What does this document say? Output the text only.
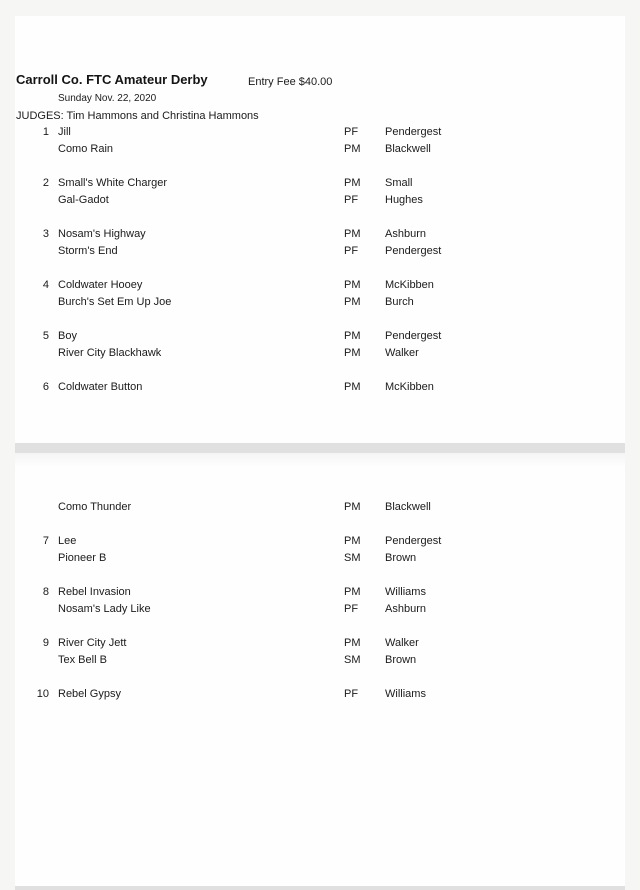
Carroll Co. FTC Amateur Derby	Entry Fee $40.00
Sunday Nov. 22, 2020
JUDGES: Tim Hammons and Christina Hammons
1 Jill	PF	Pendergest
Como Rain	PM	Blackwell
2 Small's White Charger	PM	Small
Gal-Gadot	PF	Hughes
3 Nosam's Highway	PM	Ashburn
Storm's End	PF	Pendergest
4 Coldwater Hooey	PM	McKibben
Burch's Set Em Up Joe	PM	Burch
5 Boy	PM	Pendergest
River City Blackhawk	PM	Walker
6 Coldwater Button	PM	McKibben
Como Thunder	PM	Blackwell
7 Lee	PM	Pendergest
Pioneer B	SM	Brown
8 Rebel Invasion	PM	Williams
Nosam's Lady Like	PF	Ashburn
9 River City Jett	PM	Walker
Tex Bell B	SM	Brown
10 Rebel Gypsy	PF	Williams
